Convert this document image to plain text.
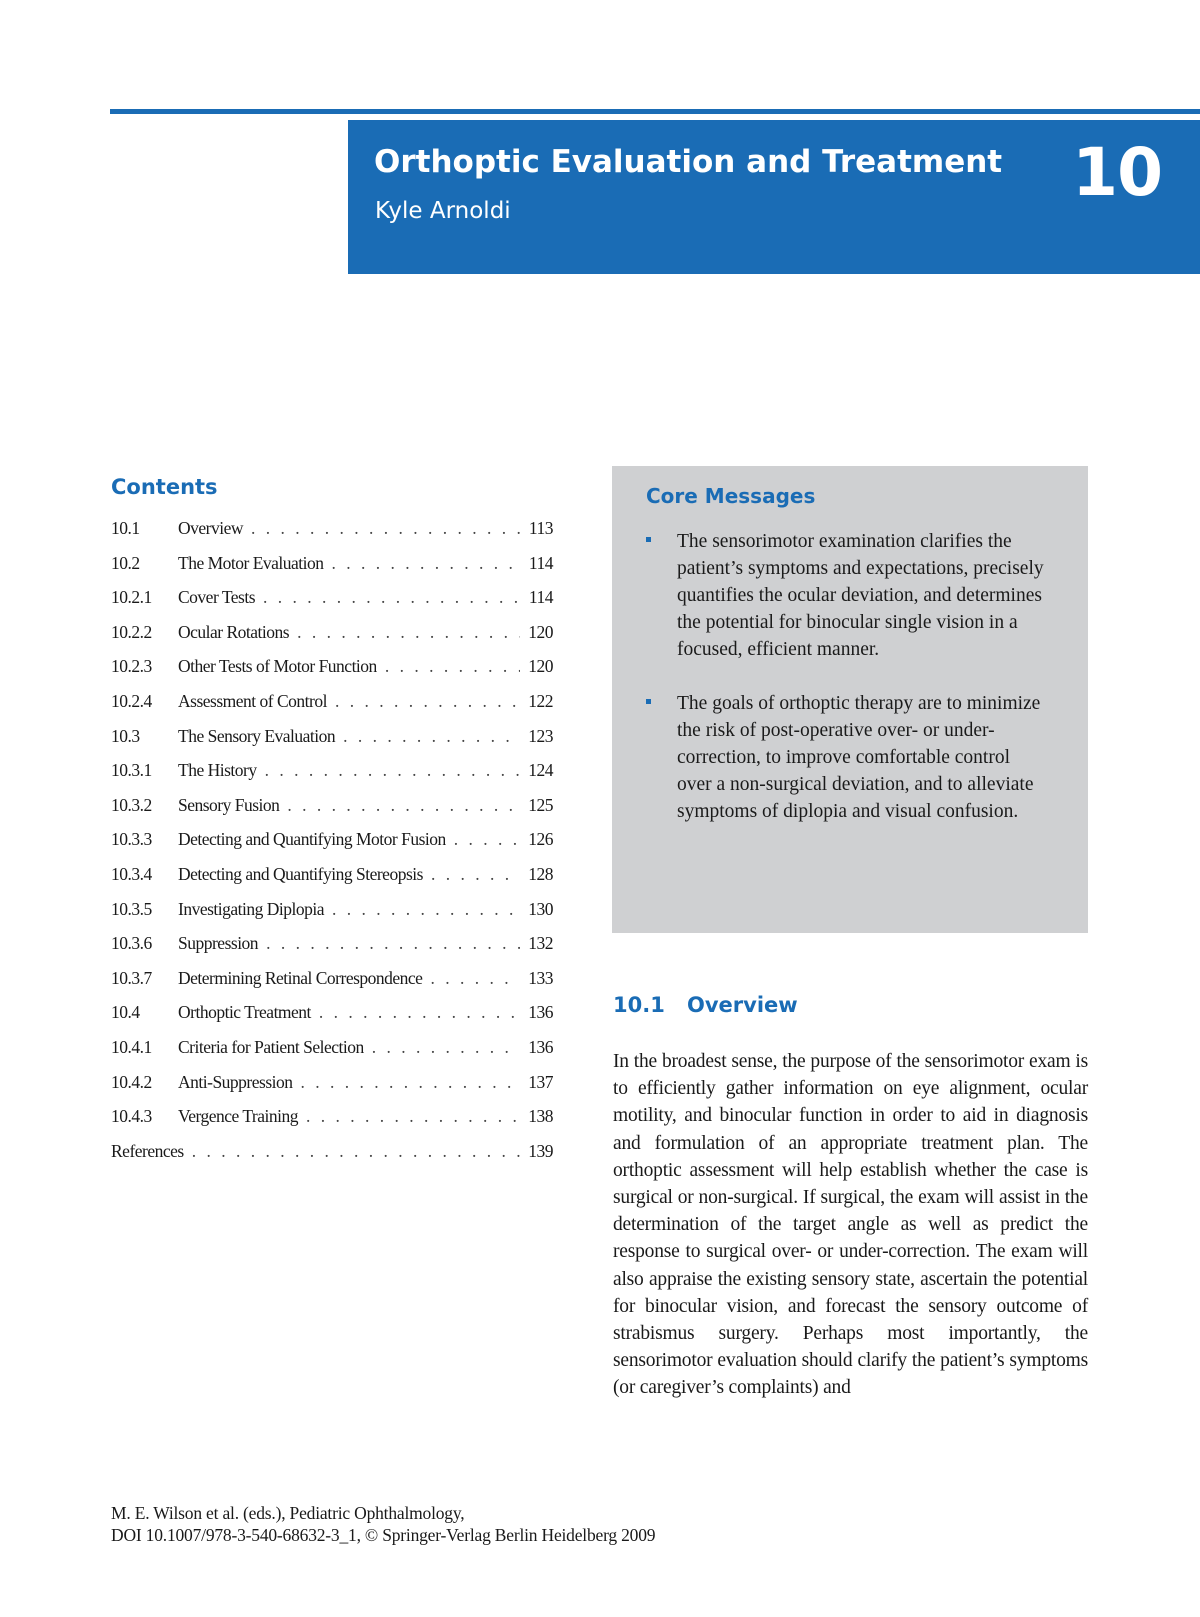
Orthoptic Evaluation and Treatment
Kyle Arnoldi	10
Contents
10.1	Overview . . .	113
10.2	The Motor Evaluation . . .	114
10.2.1	Cover Tests . . .	114
10.2.2	Ocular Rotations . . .	120
10.2.3	Other Tests of Motor Function . . .	120
10.2.4	Assessment of Control . . .	122
10.3	The Sensory Evaluation . . .	123
10.3.1	The History . . .	124
10.3.2	Sensory Fusion . . .	125
10.3.3	Detecting and Quantifying Motor Fusion . . .	126
10.3.4	Detecting and Quantifying Stereopsis . . .	128
10.3.5	Investigating Diplopia . . .	130
10.3.6	Suppression . . .	132
10.3.7	Determining Retinal Correspondence . . .	133
10.4	Orthoptic Treatment . . .	136
10.4.1	Criteria for Patient Selection . . .	136
10.4.2	Anti-Suppression . . .	137
10.4.3	Vergence Training . . .	138
References . . .	139
Core Messages
The sensorimotor examination clarifies the patient’s symptoms and expectations, precisely quantifies the ocular deviation, and determines the potential for binocular single vision in a focused, efficient manner.
The goals of orthoptic therapy are to minimize the risk of post-operative over- or under-correction, to improve comfortable control over a non-surgical deviation, and to alleviate symptoms of diplopia and visual confusion.
10.1 Overview

In the broadest sense, the purpose of the sensorimotor exam is to efficiently gather information on eye alignment, ocular motility, and binocular function in order to aid in diagnosis and formulation of an appropriate treatment plan. The orthoptic assessment will help establish whether the case is surgical or non-surgical. If surgical, the exam will assist in the determination of the target angle as well as predict the response to surgical over- or under-correction. The exam will also appraise the existing sensory state, ascertain the potential for binocular vision, and forecast the sensory outcome of strabismus surgery. Perhaps most importantly, the sensorimotor evaluation should clarify the patient’s symptoms (or caregiver’s complaints) and

M. E. Wilson et al. (eds.), Pediatric Ophthalmology,
DOI 10.1007/978-3-540-68632-3_1, © Springer-Verlag Berlin Heidelberg 2009
